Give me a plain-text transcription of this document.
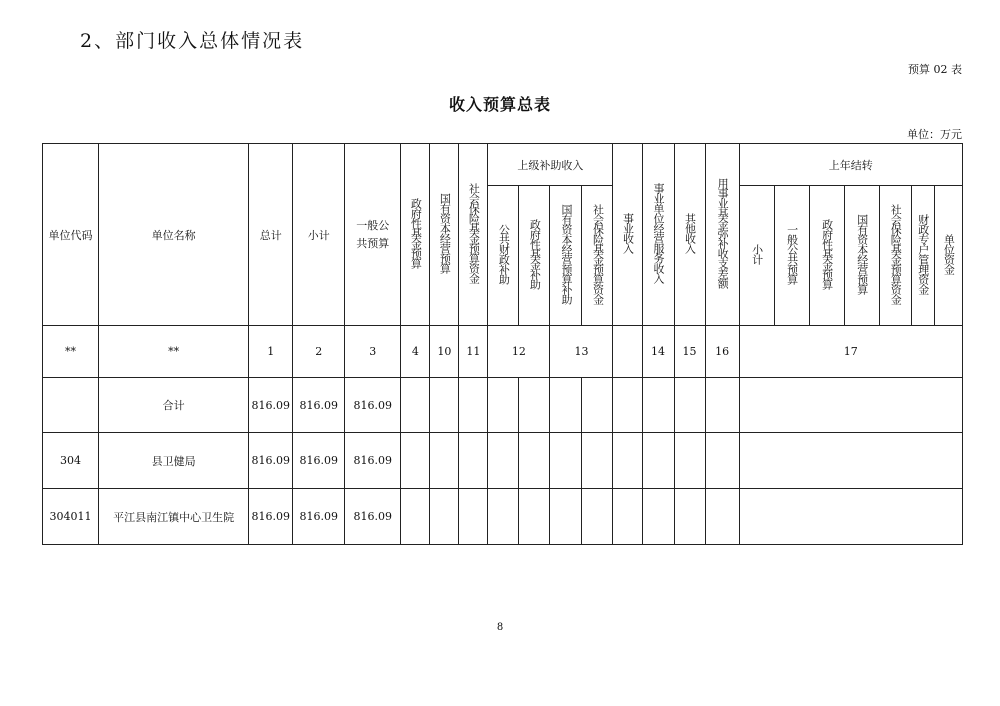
2、部门收入总体情况表
预算 02 表
收入预算总表
单位：万元
单位代码	单位名称	总计	小计	一般公共预算	政府性基金预算	国有资本经营预算	社会保险基金预算资金	上级补助收入				事业收入	事业单位经营服务收入	其他收入	用事业基金弥补收支差额	上年结转						
								公共财政补助	政府性基金补助	国有资本经营预算补助	社会保险基金预算资金					小计	一般公共预算	政府性基金预算	国有资本经营预算	社会保险基金预算资金	财政专户管理资金	单位资金
**	**	1	2	3	4	10	11	12		13			14	15	16	17						
	合计	816.09	816.09	816.09																		
304	县卫健局	816.09	816.09	816.09																		
304011	平江县南江镇中心卫生院	816.09	816.09	816.09																		
8
